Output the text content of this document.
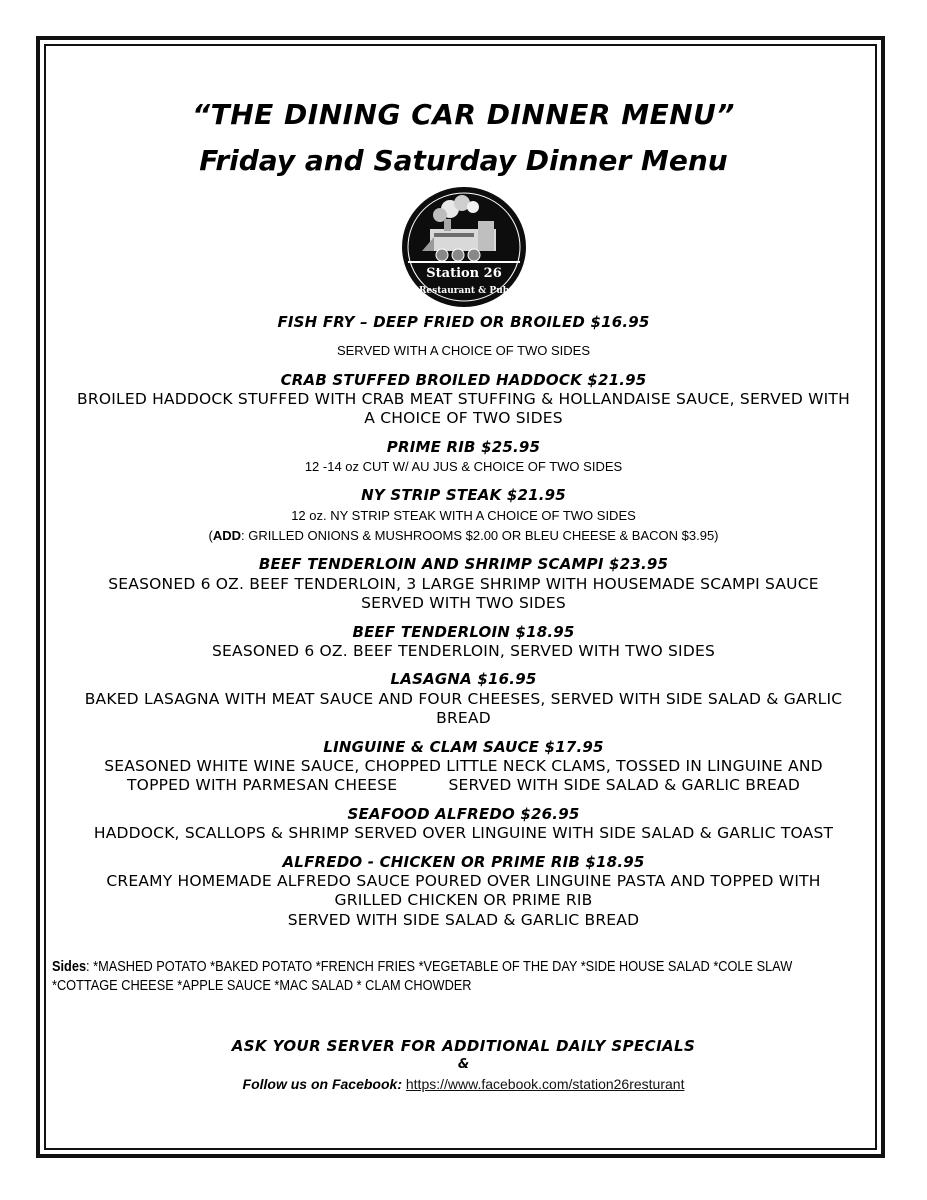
“THE DINING CAR DINNER MENU”
Friday and Saturday Dinner Menu
Station 26
Restaurant & Pub
FISH FRY – DEEP FRIED OR BROILED $16.95
SERVED WITH A CHOICE OF TWO SIDES
CRAB STUFFED BROILED HADDOCK $21.95
BROILED HADDOCK STUFFED WITH CRAB MEAT STUFFING & HOLLANDAISE SAUCE, SERVED WITH
A CHOICE OF TWO SIDES
PRIME RIB $25.95
12 -14 oz CUT W/ AU JUS & CHOICE OF TWO SIDES
NY STRIP STEAK $21.95
12 oz. NY STRIP STEAK WITH A CHOICE OF TWO SIDES
(ADD: GRILLED ONIONS & MUSHROOMS $2.00 OR BLEU CHEESE & BACON $3.95)
BEEF TENDERLOIN AND SHRIMP SCAMPI $23.95
SEASONED 6 OZ. BEEF TENDERLOIN, 3 LARGE SHRIMP WITH HOUSEMADE SCAMPI SAUCE
SERVED WITH TWO SIDES
BEEF TENDERLOIN $18.95
SEASONED 6 OZ. BEEF TENDERLOIN, SERVED WITH TWO SIDES
LASAGNA $16.95
BAKED LASAGNA WITH MEAT SAUCE AND FOUR CHEESES, SERVED WITH SIDE SALAD & GARLIC
BREAD
LINGUINE & CLAM SAUCE $17.95
SEASONED WHITE WINE SAUCE, CHOPPED LITTLE NECK CLAMS, TOSSED IN LINGUINE AND
TOPPED WITH PARMESAN CHEESE          SERVED WITH SIDE SALAD & GARLIC BREAD
SEAFOOD ALFREDO $26.95
HADDOCK, SCALLOPS & SHRIMP SERVED OVER LINGUINE WITH SIDE SALAD & GARLIC TOAST
ALFREDO - CHICKEN OR PRIME RIB $18.95
CREAMY HOMEMADE ALFREDO SAUCE POURED OVER LINGUINE PASTA AND TOPPED WITH
GRILLED CHICKEN OR PRIME RIB
SERVED WITH SIDE SALAD & GARLIC BREAD
Sides: *MASHED POTATO *BAKED POTATO *FRENCH FRIES *VEGETABLE OF THE DAY *SIDE HOUSE SALAD *COLE SLAW
*COTTAGE CHEESE *APPLE SAUCE *MAC SALAD * CLAM CHOWDER
ASK YOUR SERVER FOR ADDITIONAL DAILY SPECIALS
&
Follow us on Facebook: https://www.facebook.com/station26resturant
